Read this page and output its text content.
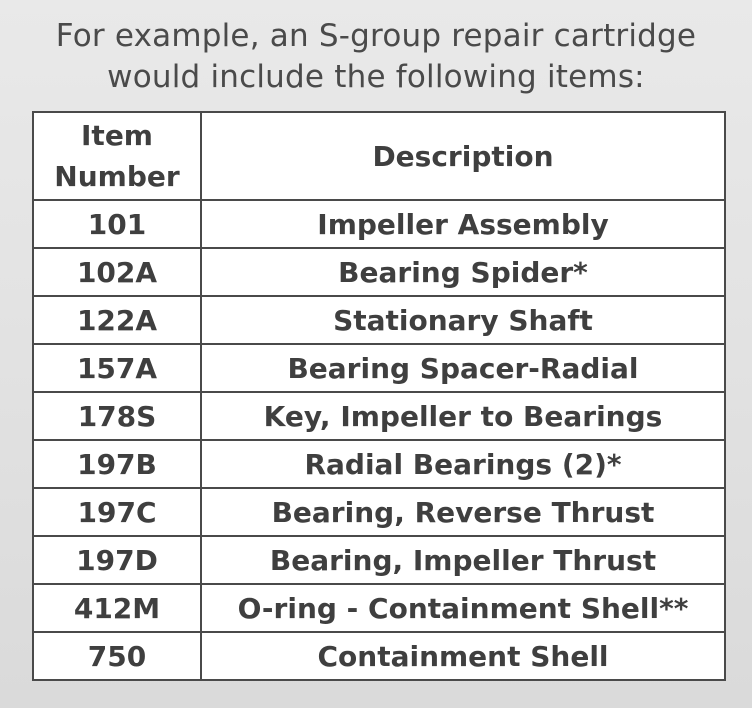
For example, an S-group repair cartridge
would include the following items:
Item
Number	Description
101	Impeller Assembly
102A	Bearing Spider*
122A	Stationary Shaft
157A	Bearing Spacer-Radial
178S	Key, Impeller to Bearings
197B	Radial Bearings (2)*
197C	Bearing, Reverse Thrust
197D	Bearing, Impeller Thrust
412M	O-ring - Containment Shell**
750	Containment Shell
